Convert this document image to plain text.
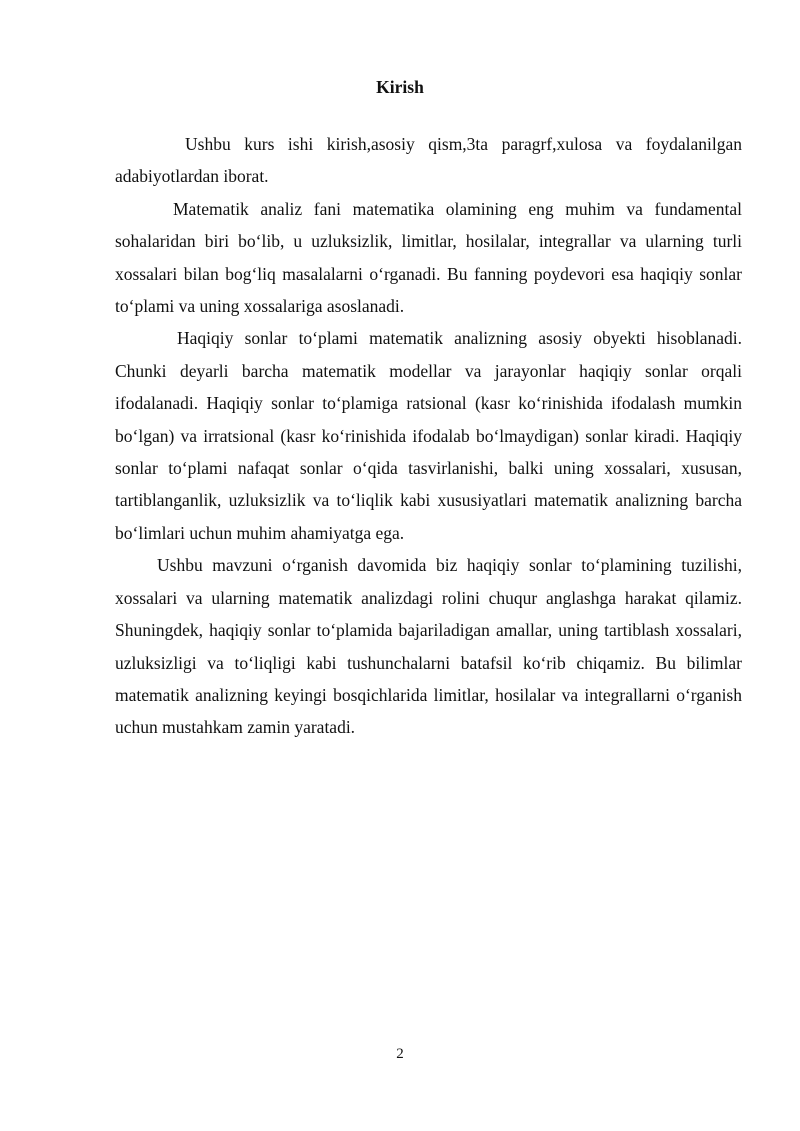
Kirish

Ushbu kurs ishi kirish,asosiy qism,3ta paragrf,xulosa va foydalanilgan adabiyotlardan iborat.

Matematik analiz fani matematika olamining eng muhim va fundamental sohalaridan biri bo‘lib, u uzluksizlik, limitlar, hosilalar, integrallar va ularning turli xossalari bilan bog‘liq masalalarni o‘rganadi. Bu fanning poydevori esa haqiqiy sonlar to‘plami va uning xossalariga asoslanadi.

Haqiqiy sonlar to‘plami matematik analizning asosiy obyekti hisoblanadi. Chunki deyarli barcha matematik modellar va jarayonlar haqiqiy sonlar orqali ifodalanadi. Haqiqiy sonlar to‘plamiga ratsional (kasr ko‘rinishida ifodalash mumkin bo‘lgan) va irratsional (kasr ko‘rinishida ifodalab bo‘lmaydigan) sonlar kiradi. Haqiqiy sonlar to‘plami nafaqat sonlar o‘qida tasvirlanishi, balki uning xossalari, xususan, tartiblanganlik, uzluksizlik va to‘liqlik kabi xususiyatlari matematik analizning barcha bo‘limlari uchun muhim ahamiyatga ega.

Ushbu mavzuni o‘rganish davomida biz haqiqiy sonlar to‘plamining tuzilishi, xossalari va ularning matematik analizdagi rolini chuqur anglashga harakat qilamiz. Shuningdek, haqiqiy sonlar to‘plamida bajariladigan amallar, uning tartiblash xossalari, uzluksizligi va to‘liqligi kabi tushunchalarni batafsil ko‘rib chiqamiz. Bu bilimlar matematik analizning keyingi bosqichlarida limitlar, hosilalar va integrallarni o‘rganish uchun mustahkam zamin yaratadi.

2
